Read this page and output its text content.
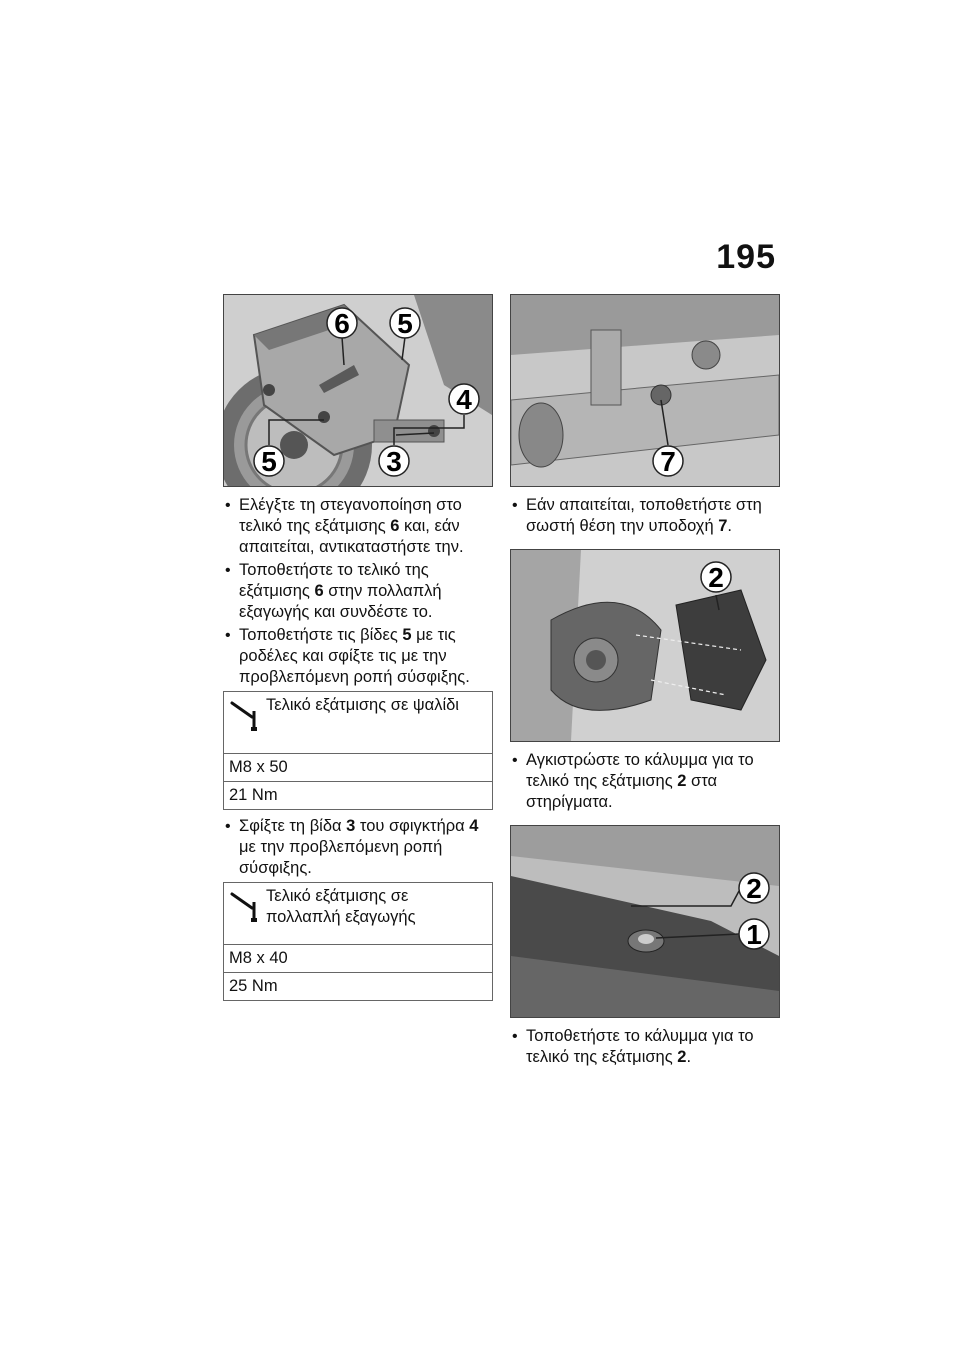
195
6 5
4
5	3
• Ελέγξτε τη στεγανοποίηση στο τελικό της εξάτμισης 6 και, εάν απαιτείται, αντικαταστήστε την.
• Τοποθετήστε το τελικό της εξάτμισης 6 στην πολλαπλή εξαγωγής και συνδέστε το.
• Τοποθετήστε τις βίδες 5 με τις ροδέλες και σφίξτε τις με την προβλεπόμενη ροπή σύσφιξης.
Τελικό εξάτμισης σε ψαλίδι
M8 x 50
21 Nm
• Σφίξτε τη βίδα 3 του σφιγκτήρα 4 με την προβλεπόμενη ροπή σύσφιξης.
Τελικό εξάτμισης σε πολλαπλή εξαγωγής
M8 x 40
25 Nm
7
• Εάν απαιτείται, τοποθετήστε στη σωστή θέση την υποδοχή 7.
2
• Αγκιστρώστε το κάλυμμα για το τελικό της εξάτμισης 2 στα στηρίγματα.
2
1
• Τοποθετήστε το κάλυμμα για το τελικό της εξάτμισης 2.
